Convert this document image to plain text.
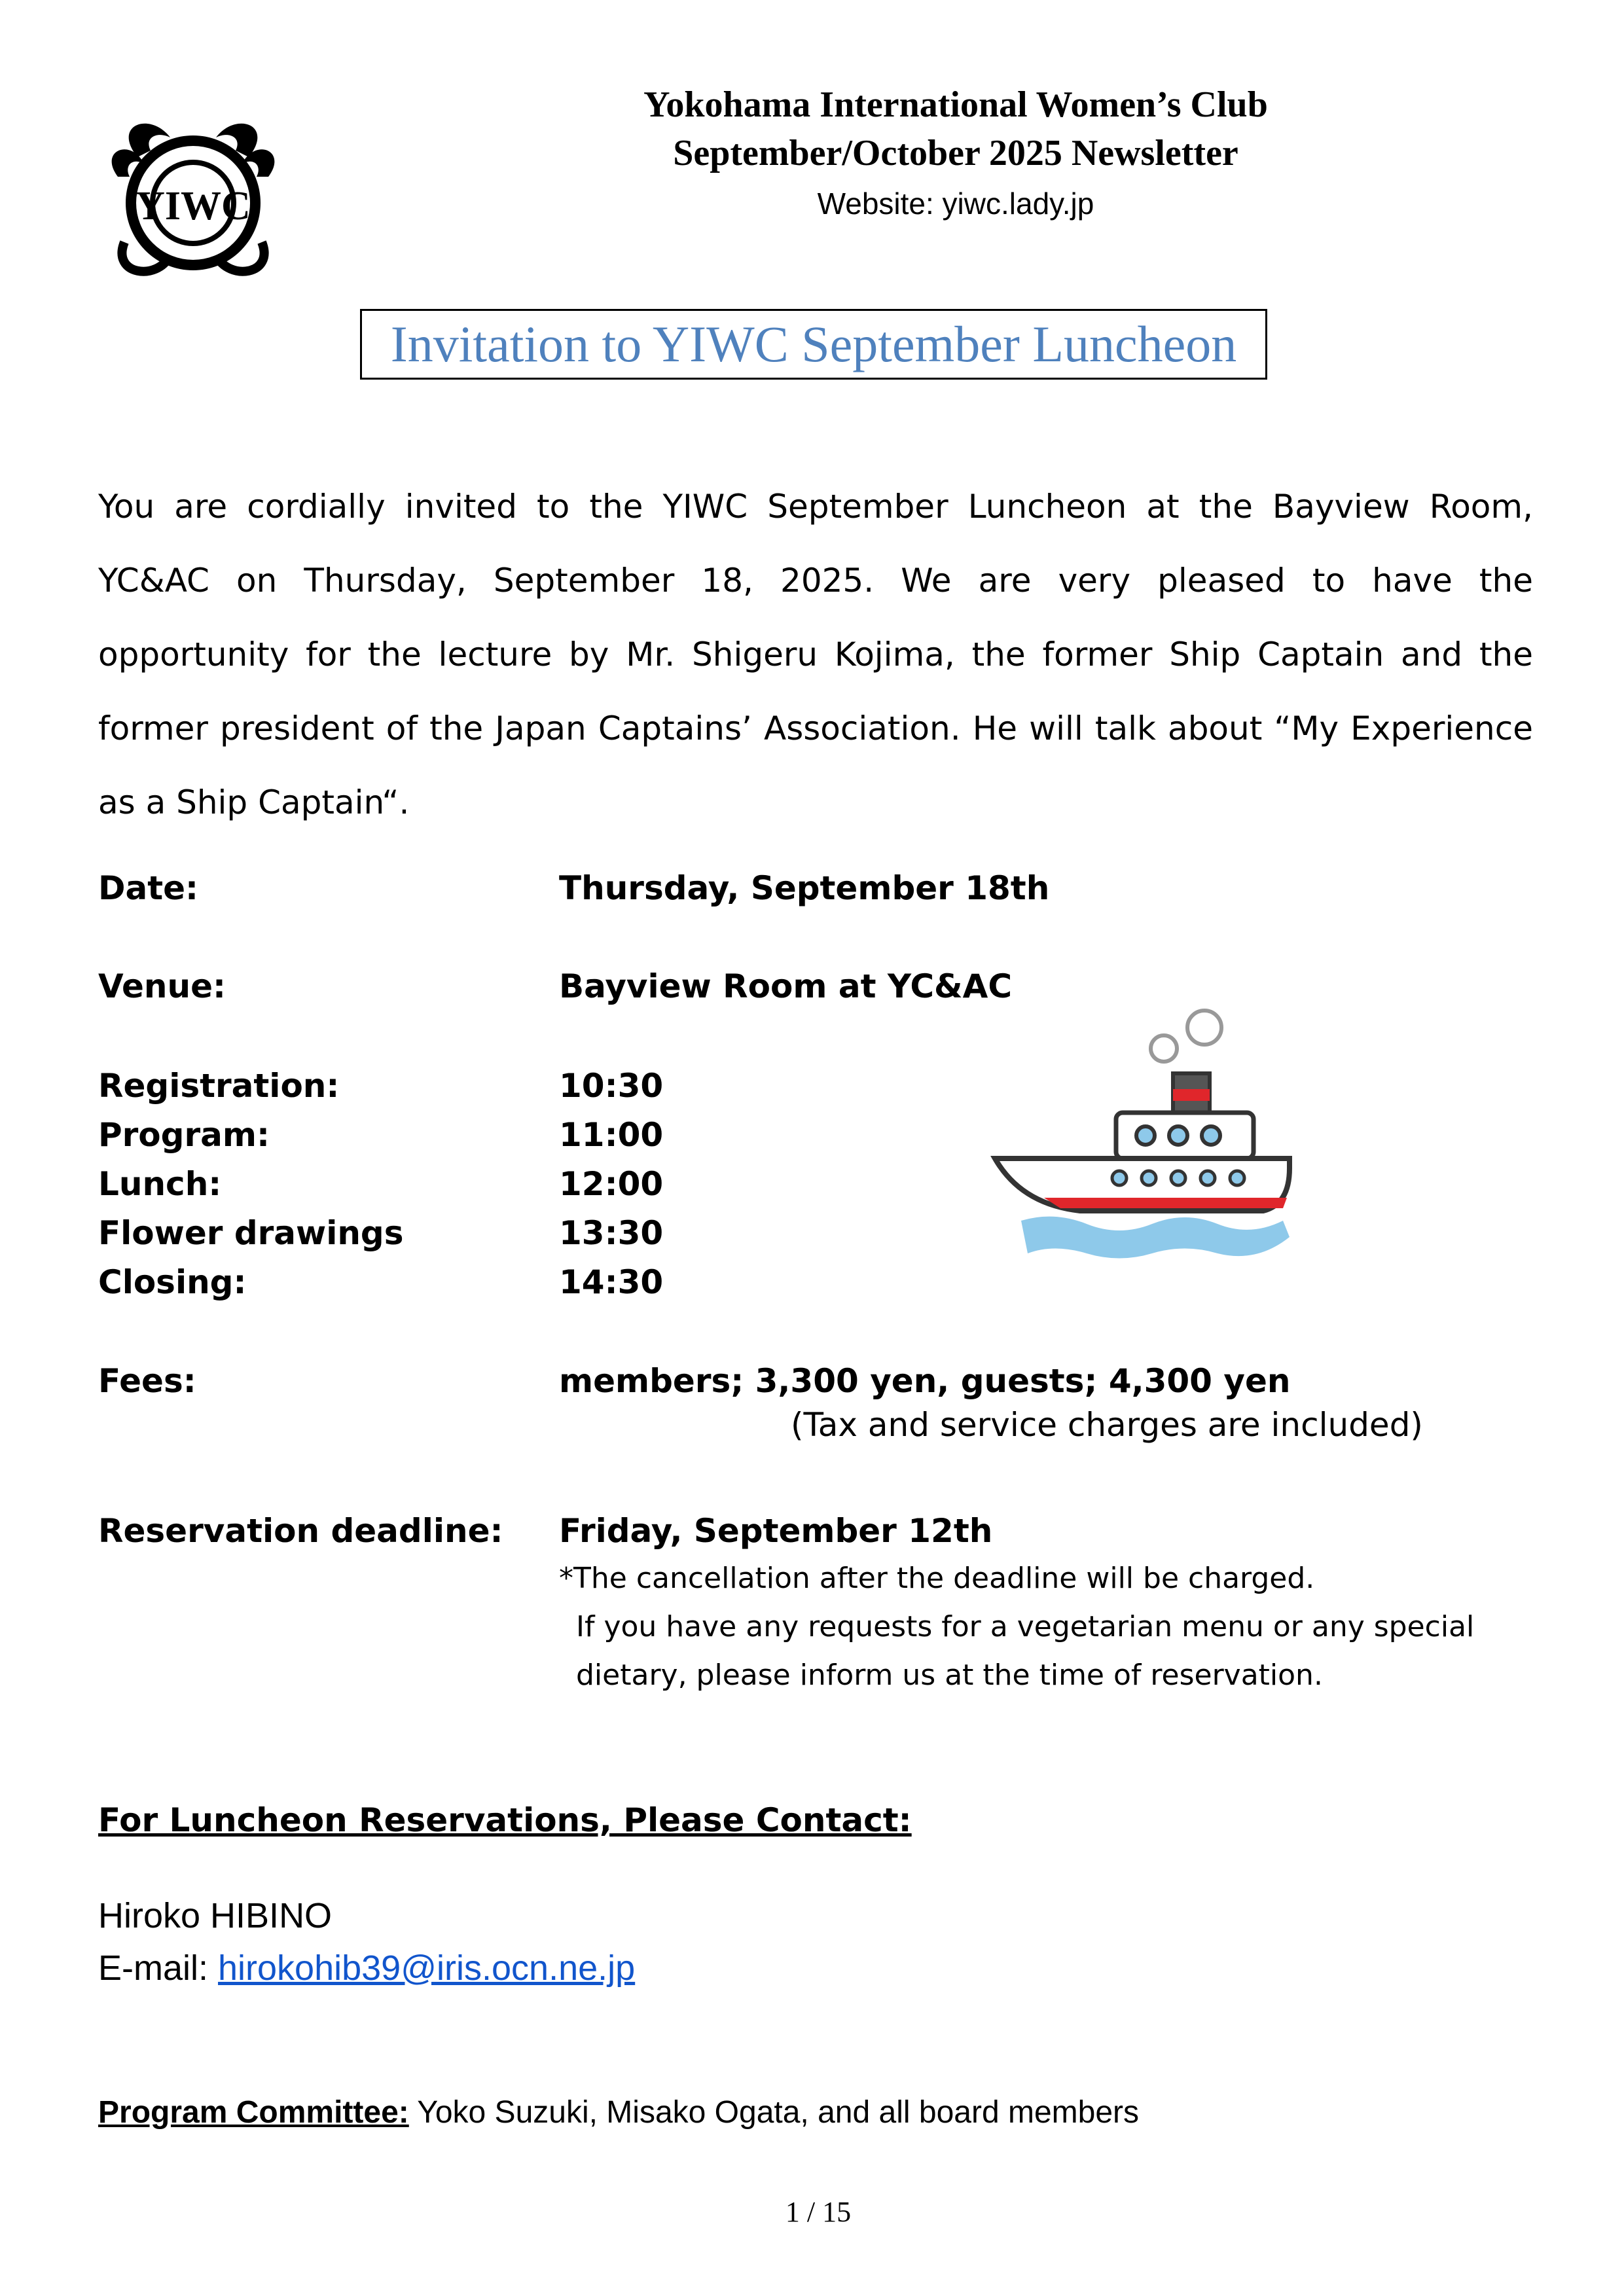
YIWC
Yokohama International Women’s Club
September/October 2025 Newsletter
Website: yiwc.lady.jp
Invitation to YIWC September Luncheon
You are cordially invited to the YIWC September Luncheon at the Bayview Room, YC&AC on Thursday, September 18, 2025. We are very pleased to have the opportunity for the lecture by Mr. Shigeru Kojima, the former Ship Captain and the former president of the Japan Captains’ Association. He will talk about “My Experience as a Ship Captain“.
Date:	Thursday, September 18th
Venue:	Bayview Room at YC&AC
Registration:	10:30
Program:	11:00
Lunch:	12:00
Flower drawings	13:30
Closing:	14:30
Fees:	members; 3,300 yen, guests; 4,300 yen
(Tax and service charges are included)
Reservation deadline: Friday, September 12th
*The cancellation after the deadline will be charged.
If you have any requests for a vegetarian menu or any special
dietary, please inform us at the time of reservation.
For Luncheon Reservations, Please Contact:
Hiroko HIBINO
E-mail: hirokohib39@iris.ocn.ne.jp
Program Committee: Yoko Suzuki, Misako Ogata, and all board members
1 / 15
